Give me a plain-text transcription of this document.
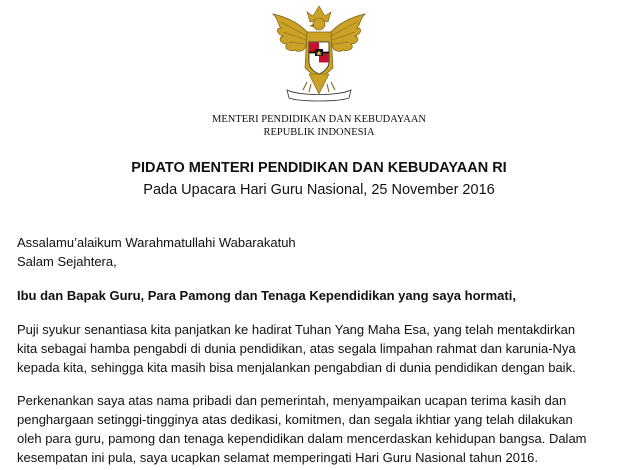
MENTERI PENDIDIKAN DAN KEBUDAYAAN
REPUBLIK INDONESIA
PIDATO MENTERI PENDIDIKAN DAN KEBUDAYAAN RI
Pada Upacara Hari Guru Nasional, 25 November 2016
Assalamu’alaikum Warahmatullahi Wabarakatuh
Salam Sejahtera,
Ibu dan Bapak Guru, Para Pamong dan Tenaga Kependidikan yang saya hormati,
Puji syukur senantiasa kita panjatkan ke hadirat Tuhan Yang Maha Esa, yang telah mentakdirkan
kita sebagai hamba pengabdi di dunia pendidikan, atas segala limpahan rahmat dan karunia-Nya
kepada kita, sehingga kita masih bisa menjalankan pengabdian di dunia pendidikan dengan baik.
Perkenankan saya atas nama pribadi dan pemerintah, menyampaikan ucapan terima kasih dan
penghargaan setinggi-tingginya atas dedikasi, komitmen, dan segala ikhtiar yang telah dilakukan
oleh para guru, pamong dan tenaga kependidikan dalam mencerdaskan kehidupan bangsa. Dalam
kesempatan ini pula, saya ucapkan selamat memperingati Hari Guru Nasional tahun 2016.
